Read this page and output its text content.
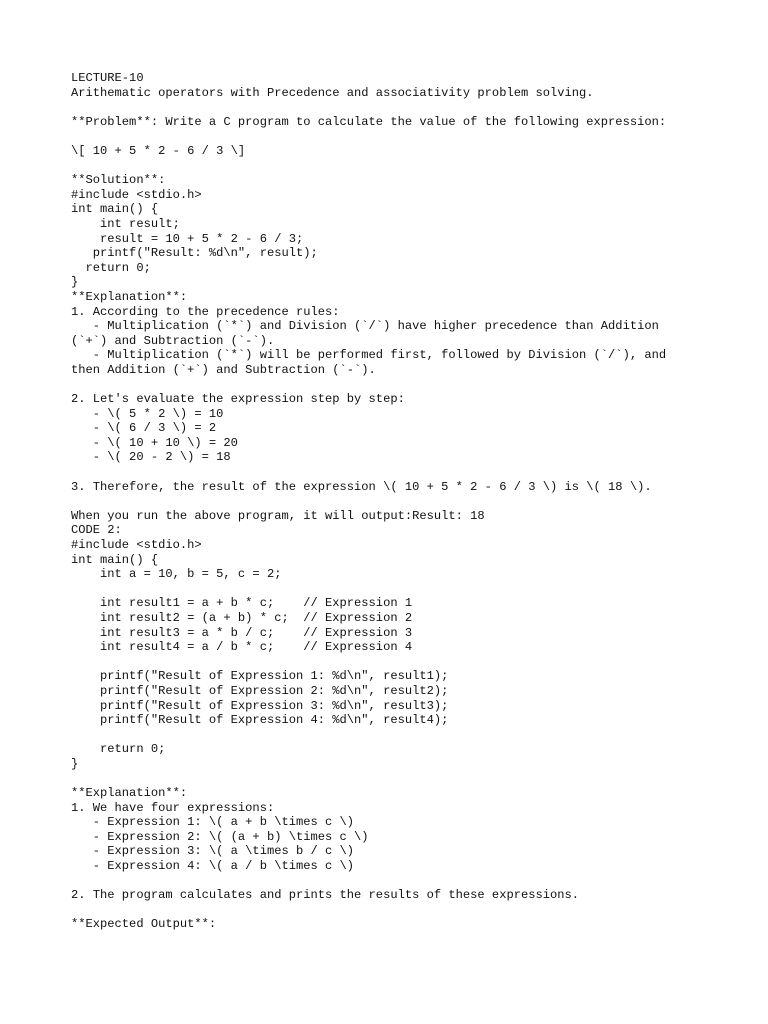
LECTURE-10
Arithematic operators with Precedence and associativity problem solving.
**Problem**: Write a C program to calculate the value of the following expression:
\[ 10 + 5 * 2 - 6 / 3 \]
**Solution**:
#include <stdio.h>
int main() {
int result;
result = 10 + 5 * 2 - 6 / 3;
printf("Result: %d\n", result);
return 0;
}
**Explanation**:
1. According to the precedence rules:
- Multiplication (`*`) and Division (`/`) have higher precedence than Addition
(`+`) and Subtraction (`-`).
- Multiplication (`*`) will be performed first, followed by Division (`/`), and
then Addition (`+`) and Subtraction (`-`).
2. Let's evaluate the expression step by step:
- \( 5 * 2 \) = 10
- \( 6 / 3 \) = 2
- \( 10 + 10 \) = 20
- \( 20 - 2 \) = 18
3. Therefore, the result of the expression \( 10 + 5 * 2 - 6 / 3 \) is \( 18 \).
When you run the above program, it will output:Result: 18
CODE 2:
#include <stdio.h>
int main() {
int a = 10, b = 5, c = 2;
int result1 = a + b * c;    // Expression 1
int result2 = (a + b) * c;  // Expression 2
int result3 = a * b / c;    // Expression 3
int result4 = a / b * c;    // Expression 4
printf("Result of Expression 1: %d\n", result1);
printf("Result of Expression 2: %d\n", result2);
printf("Result of Expression 3: %d\n", result3);
printf("Result of Expression 4: %d\n", result4);
return 0;
}
**Explanation**:
1. We have four expressions:
- Expression 1: \( a + b \times c \)
- Expression 2: \( (a + b) \times c \)
- Expression 3: \( a \times b / c \)
- Expression 4: \( a / b \times c \)
2. The program calculates and prints the results of these expressions.
**Expected Output**:
